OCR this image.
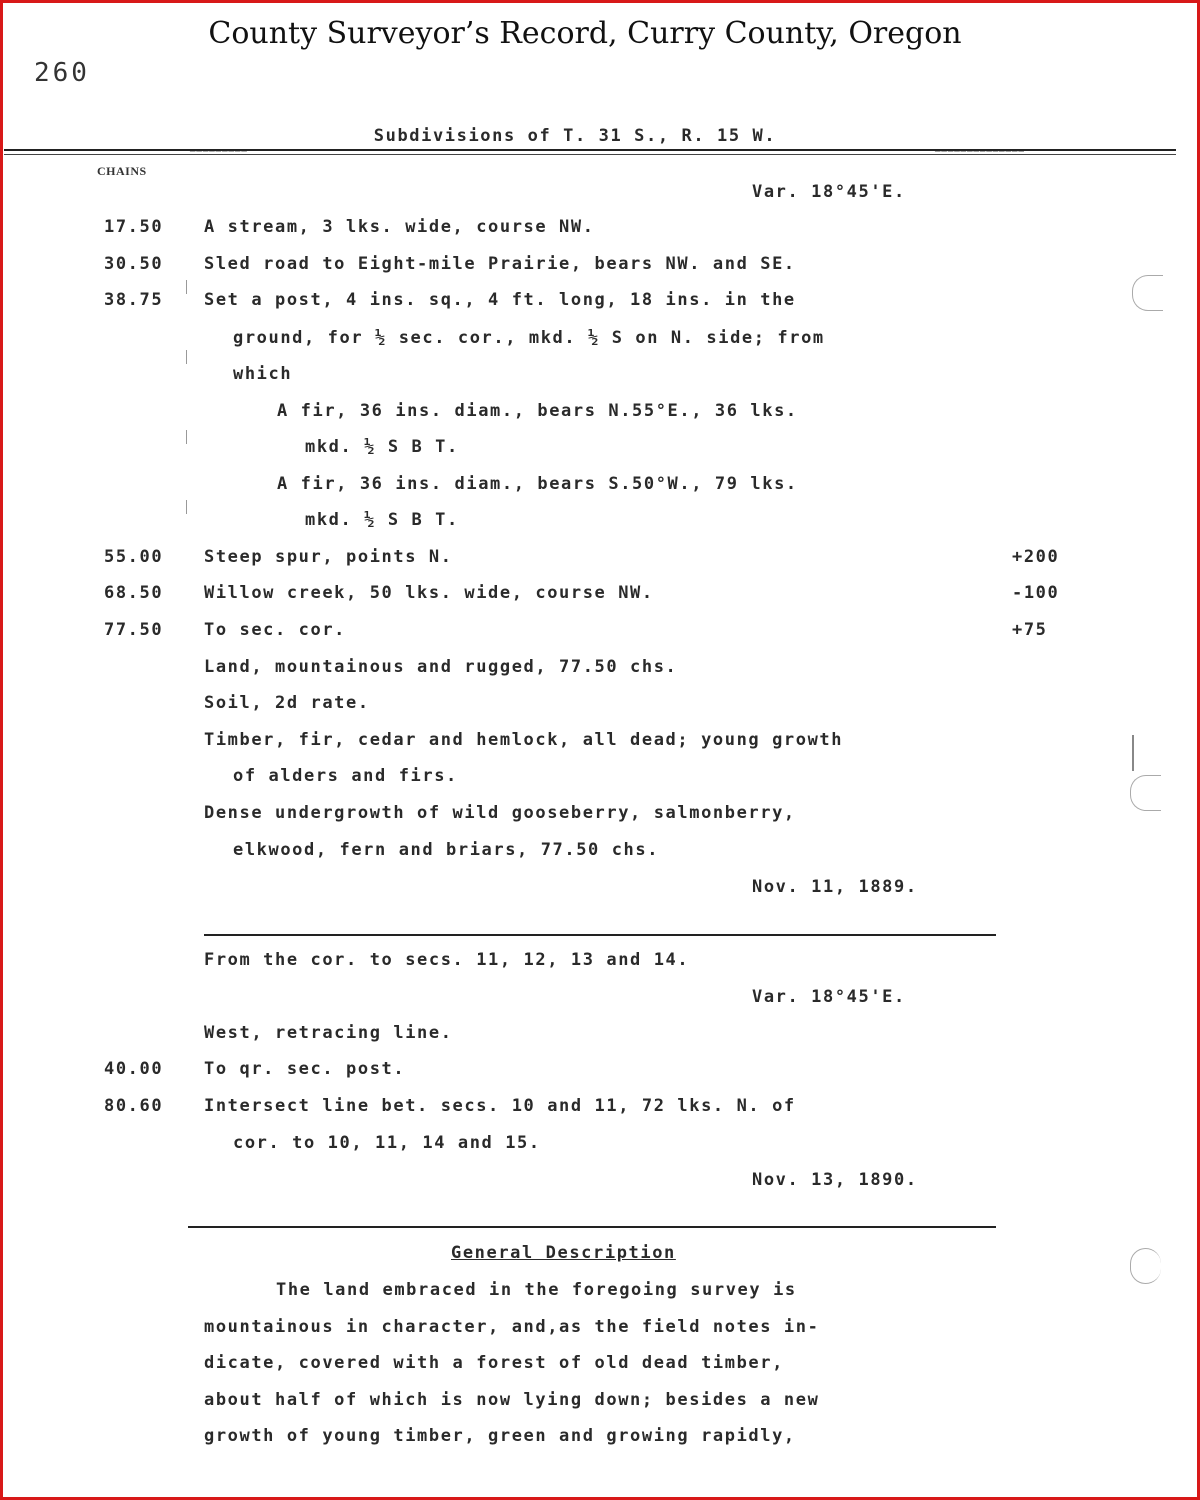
County Surveyor’s Record, Curry County, Oregon
260
Subdivisions of T. 31 S., R. 15 W.
━━━━━━━━━	━━━━━━━━━━━━━━
CHAINS
Var. 18°45'E.
17.50 A stream, 3 lks. wide, course NW.
30.50 Sled road to Eight-mile Prairie, bears NW. and SE.
38.75 Set a post, 4 ins. sq., 4 ft. long, 18 ins. in the
ground, for ½ sec. cor., mkd. ½ S on N. side; from
which
A fir, 36 ins. diam., bears N.55°E., 36 lks.
mkd. ½ S B T.
A fir, 36 ins. diam., bears S.50°W., 79 lks.
mkd. ½ S B T.
55.00 Steep spur, points N.	+200
68.50 Willow creek, 50 lks. wide, course NW.	-100
77.50 To sec. cor.	+75
Land, mountainous and rugged, 77.50 chs.
Soil, 2d rate.
Timber, fir, cedar and hemlock, all dead; young growth
of alders and firs.
Dense undergrowth of wild gooseberry, salmonberry,
elkwood, fern and briars, 77.50 chs.
Nov. 11, 1889.
From the cor. to secs. 11, 12, 13 and 14.
Var. 18°45'E.
West, retracing line.
40.00 To qr. sec. post.
80.60 Intersect line bet. secs. 10 and 11, 72 lks. N. of
cor. to 10, 11, 14 and 15.
Nov. 13, 1890.
General Description
The land embraced in the foregoing survey is
mountainous in character, and,as the field notes in-
dicate, covered with a forest of old dead timber,
about half of which is now lying down; besides a new
growth of young timber, green and growing rapidly,
